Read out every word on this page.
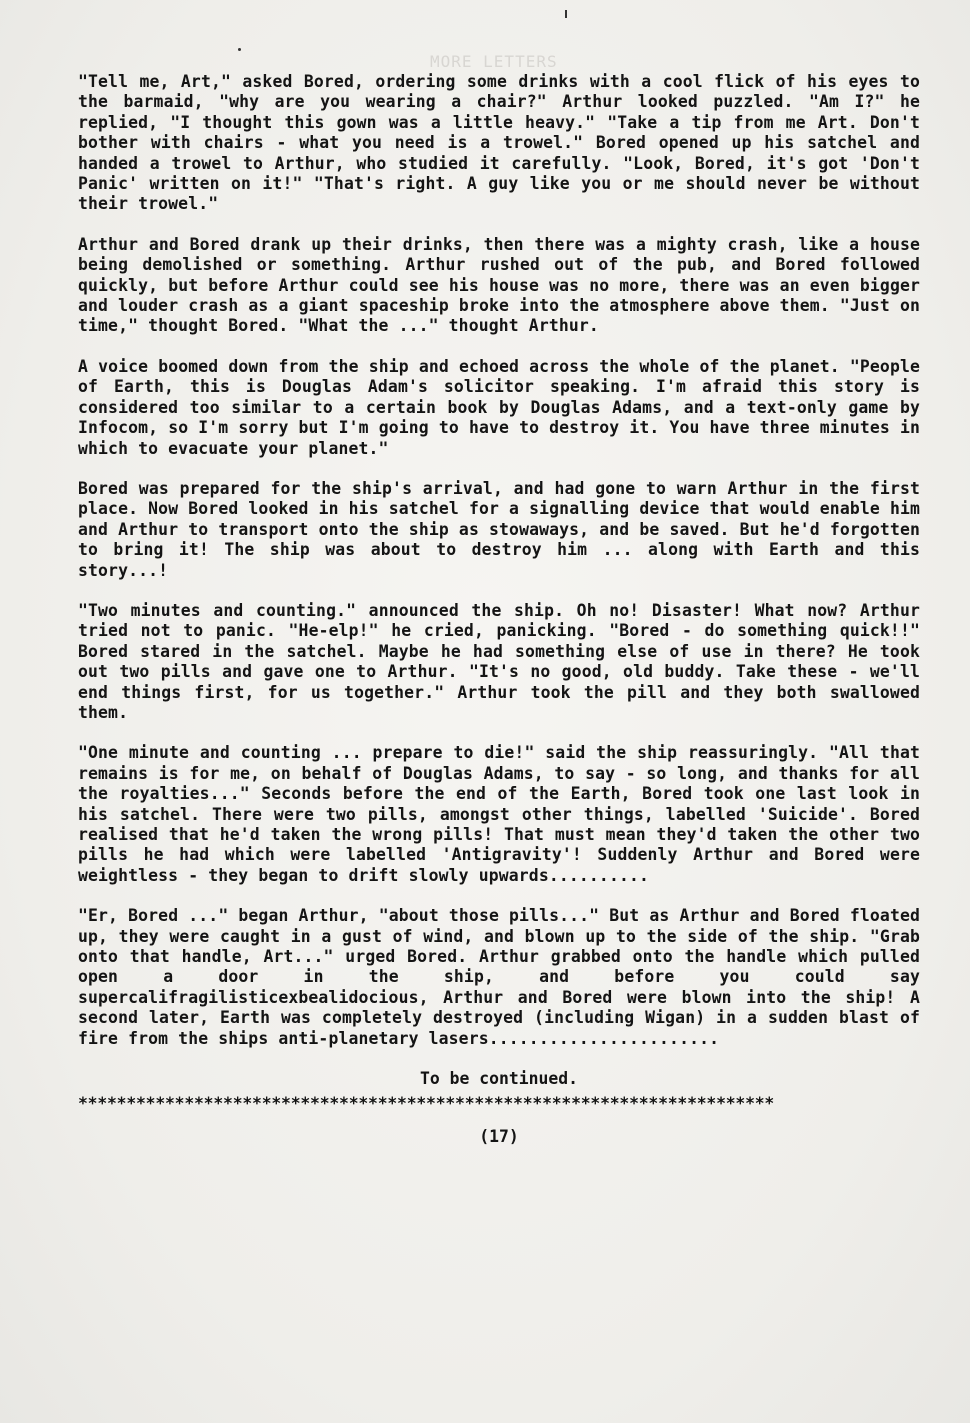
MORE LETTERS

"Tell me, Art," asked Bored, ordering some drinks with a cool flick of his eyes to the barmaid, "why are you wearing a chair?" Arthur looked puzzled. "Am I?" he replied, "I thought this gown was a little heavy." "Take a tip from me Art. Don't bother with chairs - what you need is a trowel." Bored opened up his satchel and handed a trowel to Arthur, who studied it carefully. "Look, Bored, it's got 'Don't Panic' written on it!" "That's right. A guy like you or me should never be without their trowel."

Arthur and Bored drank up their drinks, then there was a mighty crash, like a house being demolished or something. Arthur rushed out of the pub, and Bored followed quickly, but before Arthur could see his house was no more, there was an even bigger and louder crash as a giant spaceship broke into the atmosphere above them. "Just on time," thought Bored. "What the ..." thought Arthur.

A voice boomed down from the ship and echoed across the whole of the planet. "People of Earth, this is Douglas Adam's solicitor speaking. I'm afraid this story is considered too similar to a certain book by Douglas Adams, and a text-only game by Infocom, so I'm sorry but I'm going to have to destroy it. You have three minutes in which to evacuate your planet."

Bored was prepared for the ship's arrival, and had gone to warn Arthur in the first place. Now Bored looked in his satchel for a signalling device that would enable him and Arthur to transport onto the ship as stowaways, and be saved. But he'd forgotten to bring it! The ship was about to destroy him ... along with Earth and this story...!

"Two minutes and counting." announced the ship. Oh no! Disaster! What now? Arthur tried not to panic. "He-elp!" he cried, panicking. "Bored - do something quick!!" Bored stared in the satchel. Maybe he had something else of use in there? He took out two pills and gave one to Arthur. "It's no good, old buddy. Take these - we'll end things first, for us together." Arthur took the pill and they both swallowed them.

"One minute and counting ... prepare to die!" said the ship reassuringly. "All that remains is for me, on behalf of Douglas Adams, to say - so long, and thanks for all the royalties..." Seconds before the end of the Earth, Bored took one last look in his satchel. There were two pills, amongst other things, labelled 'Suicide'. Bored realised that he'd taken the wrong pills! That must mean they'd taken the other two pills he had which were labelled 'Antigravity'! Suddenly Arthur and Bored were weightless - they began to drift slowly upwards..........

"Er, Bored ..." began Arthur, "about those pills..." But as Arthur and Bored floated up, they were caught in a gust of wind, and blown up to the side of the ship. "Grab onto that handle, Art..." urged Bored. Arthur grabbed onto the handle which pulled open a door in the ship, and before you could say supercalifragilisticexbealidocious, Arthur and Bored were blown into the ship! A second later, Earth was completely destroyed (including Wigan) in a sudden blast of fire from the ships anti-planetary lasers.......................

To be continued.
************************************************************************
(17)
